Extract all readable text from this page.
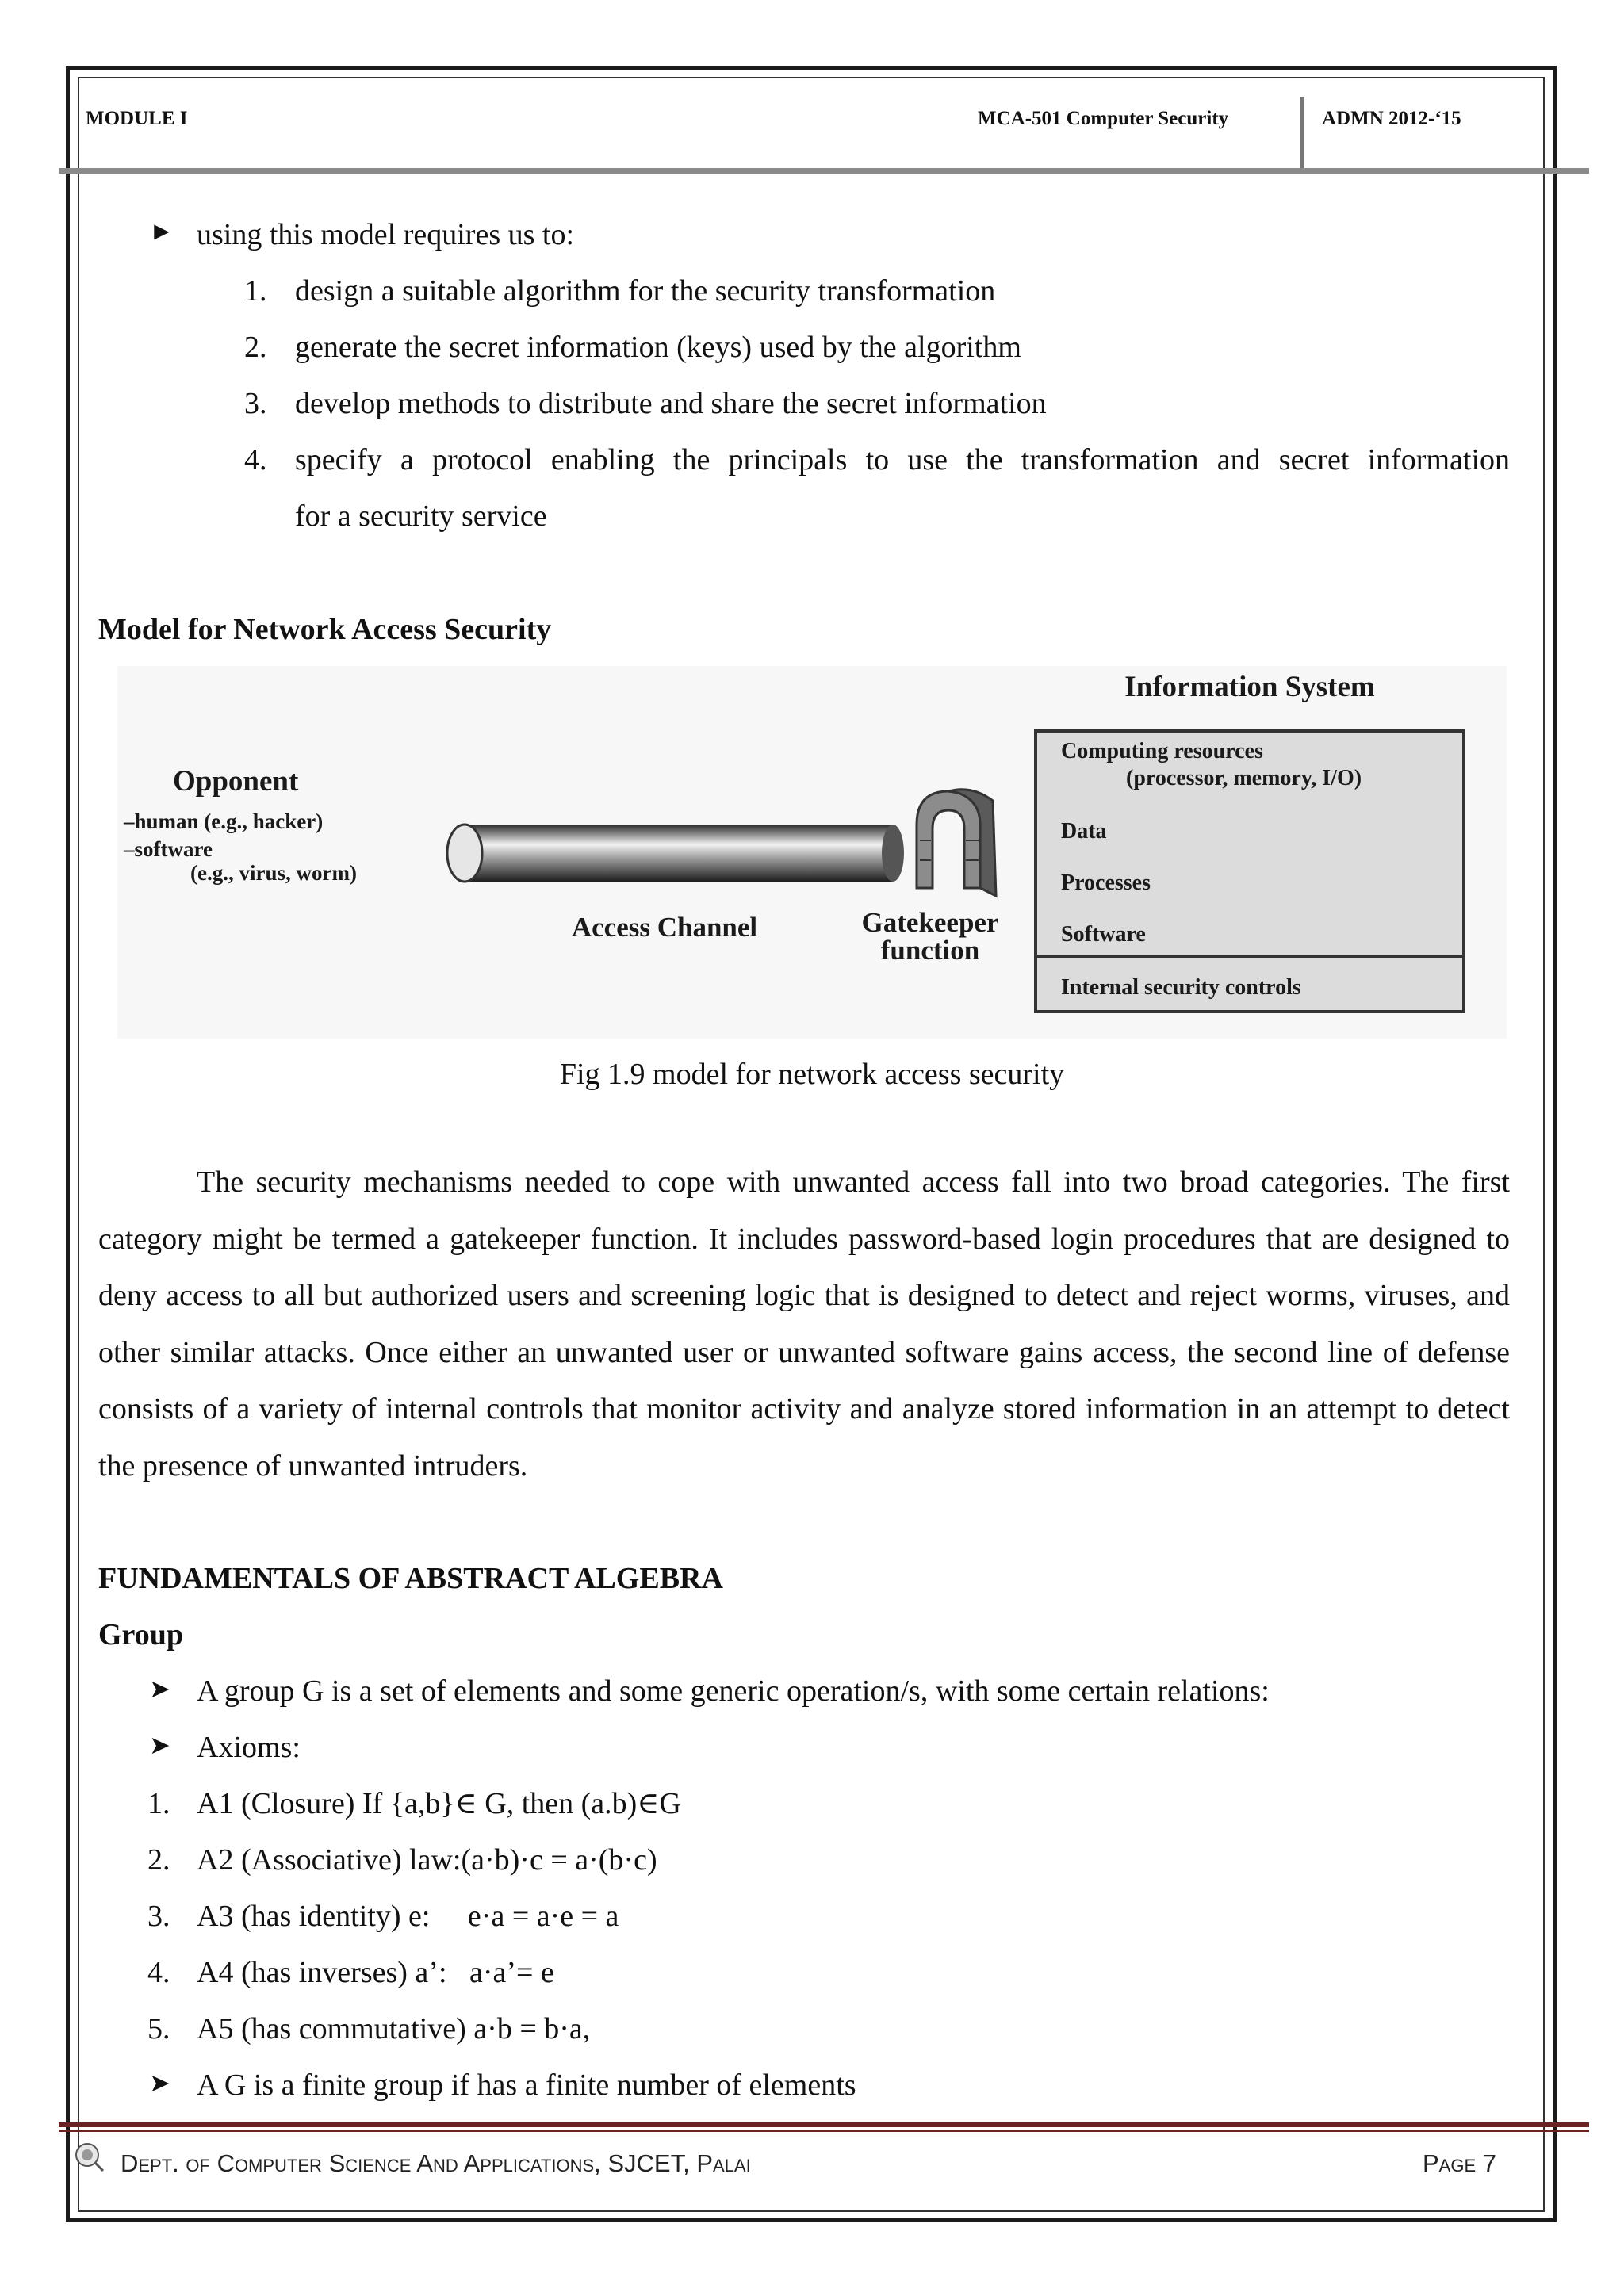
MODULE I	MCA-501 Computer Security	ADMN 2012-‘15
► using this model requires us to:
1. design a suitable algorithm for the security transformation
2. generate the secret information (keys) used by the algorithm
3. develop methods to distribute and share the secret information
4. specify a protocol enabling the principals to use the transformation and secret information
for a security service
Model for Network Access Security
Information System
Computing resources
(processor, memory, I/O)
Data
Processes
Software
Internal security controls
Opponent
–human (e.g., hacker)
–software
(e.g., virus, worm)
Access Channel	Gatekeeper
function
Fig 1.9 model for network access security

The security mechanisms needed to cope with unwanted access fall into two broad categories. The first category might be termed a gatekeeper function. It includes password-based login procedures that are designed to deny access to all but authorized users and screening logic that is designed to detect and reject worms, viruses, and other similar attacks. Once either an unwanted user or unwanted software gains access, the second line of defense consists of a variety of internal controls that monitor activity and analyze stored information in an attempt to detect the presence of unwanted intruders.

FUNDAMENTALS OF ABSTRACT ALGEBRA
Group
➤ A group G is a set of elements and some generic operation/s, with some certain relations:
➤ Axioms:
1. A1 (Closure) If {a,b}∈ G, then (a.b)∈G
2. A2 (Associative) law:(a·b)·c = a·(b·c)
3. A3 (has identity) e:     e·a = a·e = a
4. A4 (has inverses) a’:   a·a’= e
5. A5 (has commutative) a·b = b·a,
➤ A G is a finite group if has a finite number of elements
Dept. of Computer Science And Applications, SJCET, Palai	Page 7
